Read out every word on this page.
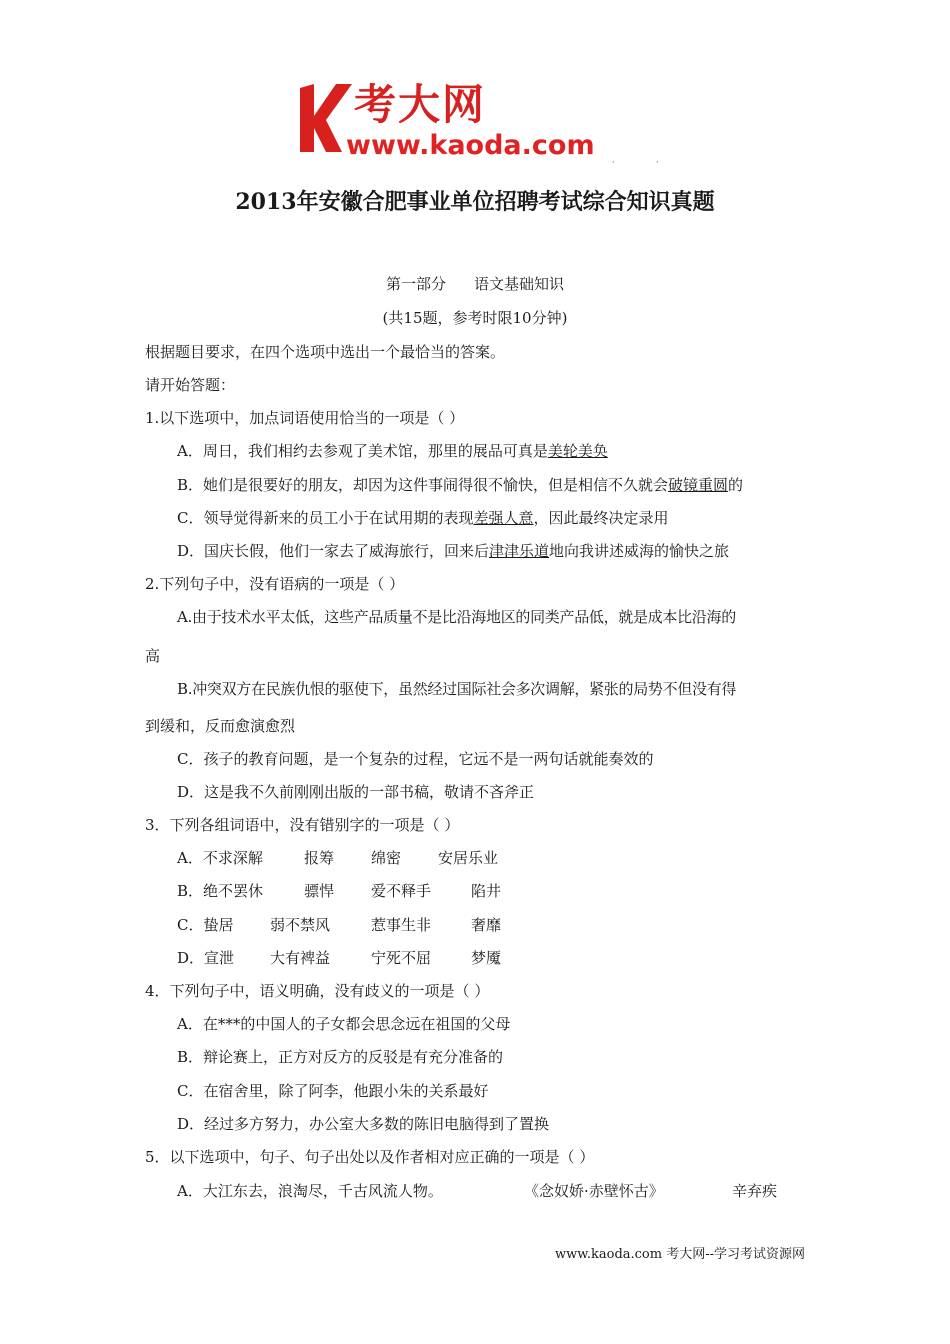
考大网
www.kaoda.com
·	·
2013年安徽合肥事业单位招聘考试综合知识真题
第一部分 语文基础知识
(共15题，参考时限10分钟)
根据题目要求，在四个选项中选出一个最恰当的答案。
请开始答题：
1.以下选项中，加点词语使用恰当的一项是（ ）
A．周日，我们相约去参观了美术馆，那里的展品可真是美轮美奂
B．她们是很要好的朋友，却因为这件事闹得很不愉快，但是相信不久就会破镜重圆的
C．领导觉得新来的员工小于在试用期的表现差强人意，因此最终决定录用
D．国庆长假，他们一家去了威海旅行，回来后津津乐道地向我讲述威海的愉快之旅
2.下列句子中，没有语病的一项是（ ）
A.由于技术水平太低，这些产品质量不是比沿海地区的同类产品低，就是成本比沿海的
高
B.冲突双方在民族仇恨的驱使下，虽然经过国际社会多次调解，紧张的局势不但没有得
到缓和，反而愈演愈烈
C．孩子的教育问题，是一个复杂的过程，它远不是一两句话就能奏效的
D．这是我不久前刚刚出版的一部书稿，敬请不吝斧正
3．下列各组词语中，没有错别字的一项是（ ）
A．不求深解	报筹 绵密 安居乐业
B．绝不罢休	骠悍 爱不释手	陷井
C．蛰居 弱不禁风	惹事生非	奢靡
D．宣泄 大有裨益	宁死不屈	梦魇
4．下列句子中，语义明确，没有歧义的一项是（ ）
A．在***的中国人的子女都会思念远在祖国的父母
B．辩论赛上，正方对反方的反驳是有充分准备的
C．在宿舍里，除了阿李，他跟小朱的关系最好
D．经过多方努力，办公室大多数的陈旧电脑得到了置换
5．以下选项中，句子、句子出处以及作者相对应正确的一项是（ ）
A．大江东去，浪淘尽，千古风流人物。	《念奴娇·赤壁怀古》	辛弃疾
www.kaoda.com 考大网--学习考试资源网
